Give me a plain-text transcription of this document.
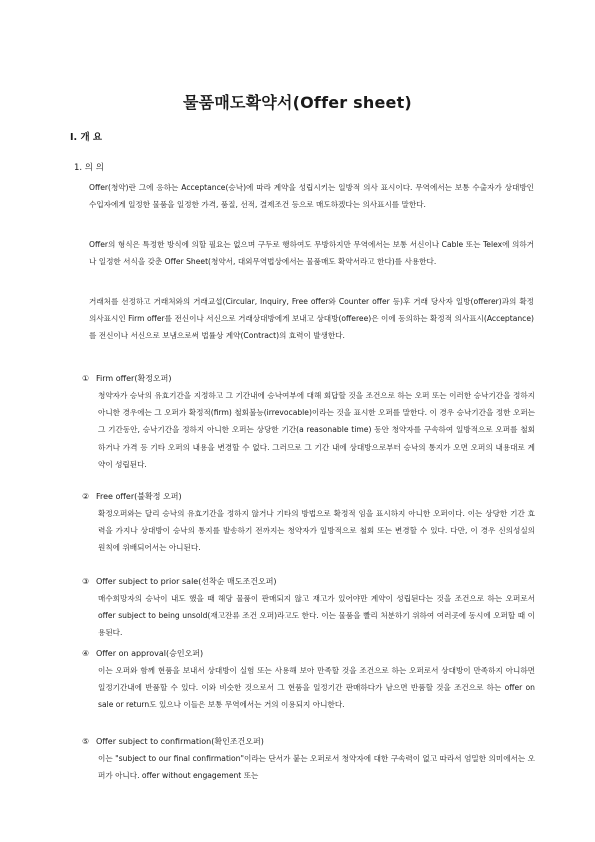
물품매도확약서(Offer sheet)
Ⅰ. 개 요
1. 의 의

Offer(청약)란 그에 응하는 Acceptance(승낙)에 따라 계약을 성립시키는 일방적 의사 표시이다. 무역에서는 보통 수출자가 상대방인 수입자에게 일정한 물품을 일정한 가격, 품질, 선적, 결제조건 등으로 매도하겠다는 의사표시를 말한다.

Offer의 형식은 특정한 방식에 의할 필요는 없으며 구두로 행하여도 무방하지만 무역에서는 보통 서신이나 Cable 또는 Telex에 의하거나 일정한 서식을 갖춘 Offer Sheet(청약서, 대외무역법상에서는 물품매도 확약서라고 한다)를 사용한다.

거래처를 선정하고 거래처와의 거래교섭(Circular, Inquiry, Free offer와 Counter offer 등)후 거래 당사자 일방(offerer)과의 확정의사표시인 Firm offer를 전신이나 서신으로 거래상대방에게 보내고 상대방(offeree)은 이에 동의하는 확정적 의사표시(Acceptance)를 전신이나 서신으로 보냄으로써 법률상 계약(Contract)의 효력이 발생한다.

① Firm offer(확정오퍼)

청약자가 승낙의 유효기간을 지정하고 그 기간내에 승낙여부에 대해 회답할 것을 조건으로 하는 오퍼 또는 이러한 승낙기간을 정하지 아니한 경우에는 그 오퍼가 확정적(firm) 철회불능(irrevocable)이라는 것을 표시한 오퍼를 말한다. 이 경우 승낙기간을 정한 오퍼는 그 기간동안, 승낙기간을 정하지 아니한 오퍼는 상당한 기간(a reasonable time) 동안 청약자를 구속하여 일방적으로 오퍼를 철회하거나 가격 등 기타 오퍼의 내용을 변경할 수 없다. 그러므로 그 기간 내에 상대방으로부터 승낙의 통지가 오면 오퍼의 내용대로 계약이 성립된다.

② Free offer(불확정 오퍼)

확정오퍼와는 달리 승낙의 유효기간을 정하지 않거나 기타의 방법으로 확정적 임을 표시하지 아니한 오퍼이다. 이는 상당한 기간 효력을 가지나 상대방이 승낙의 통지를 발송하기 전까지는 청약자가 일방적으로 철회 또는 변경할 수 있다. 다만, 이 경우 신의성실의 원칙에 위배되어서는 아니된다.

③ Offer subject to prior sale(선착순 매도조건오퍼)

매수희망자의 승낙이 내도 했을 때 해당 물품이 판매되지 않고 재고가 있어야만 계약이 성립된다는 것을 조건으로 하는 오퍼로서 offer subject to being unsold(재고잔류 조건 오퍼)라고도 한다. 이는 물품을 빨리 처분하기 위하여 여러곳에 동시에 오퍼할 때 이용된다.

④ Offer on approval(승인오퍼)

이는 오퍼와 함께 현품을 보내서 상대방이 실험 또는 사용해 보아 만족할 것을 조건으로 하는 오퍼로서 상대방이 만족하지 아니하면 일정기간내에 반품할 수 있다. 이와 비슷한 것으로서 그 현품을 일정기간 판매하다가 남으면 반품할 것을 조건으로 하는 offer on sale or return도 있으나 이들은 보통 무역에서는 거의 이용되지 아니한다.

⑤ Offer subject to confirmation(확인조건오퍼)

이는 "subject to our final confirmation"이라는 단서가 붙는 오퍼로서 청약자에 대한 구속력이 없고 따라서 엄밀한 의미에서는 오퍼가 아니다. offer without engagement 또는
